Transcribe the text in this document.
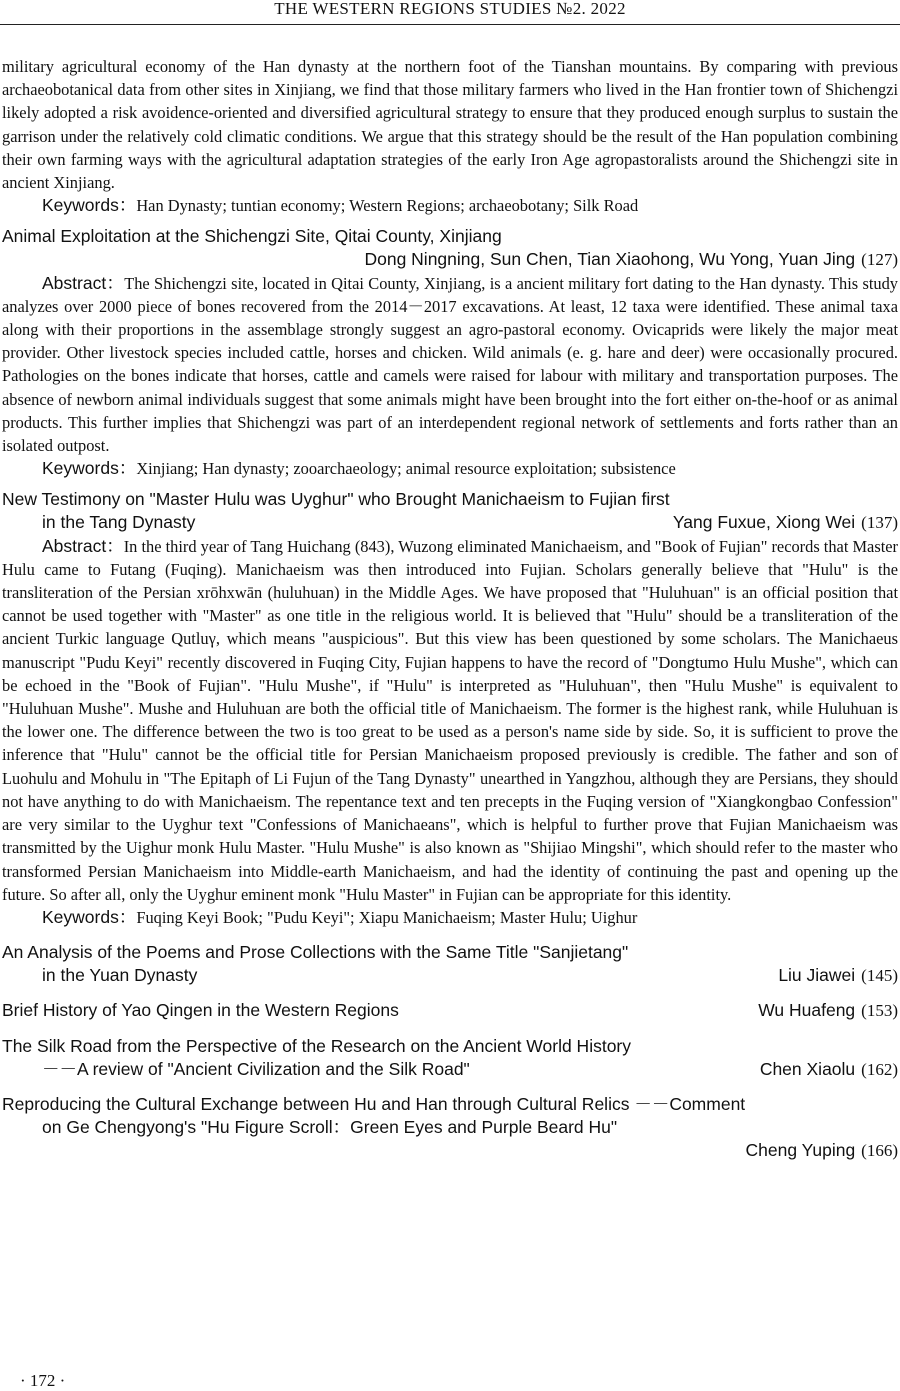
THE WESTERN REGIONS STUDIES №2. 2022

military agricultural economy of the Han dynasty at the northern foot of the Tianshan mountains. By comparing with previous archaeobotanical data from other sites in Xinjiang, we find that those military farmers who lived in the Han frontier town of Shichengzi likely adopted a risk avoidence-oriented and diversified agricultural strategy to ensure that they produced enough surplus to sustain the garrison under the relatively cold climatic conditions. We argue that this strategy should be the result of the Han population combining their own farming ways with the agricultural adaptation strategies of the early Iron Age agropastoralists around the Shichengzi site in ancient Xinjiang.

Keywords：Han Dynasty; tuntian economy; Western Regions; archaeobotany; Silk Road

Animal Exploitation at the Shichengzi Site, Qitai County, Xinjiang

Dong Ningning, Sun Chen, Tian Xiaohong, Wu Yong, Yuan Jing (127)

Abstract：The Shichengzi site, located in Qitai County, Xinjiang, is a ancient military fort dating to the Han dynasty. This study analyzes over 2000 piece of bones recovered from the 2014－2017 excavations. At least, 12 taxa were identified. These animal taxa along with their proportions in the assemblage strongly suggest an agro-pastoral economy. Ovicaprids were likely the major meat provider. Other livestock species included cattle, horses and chicken. Wild animals (e. g. hare and deer) were occasionally procured. Pathologies on the bones indicate that horses, cattle and camels were raised for labour with military and transportation purposes. The absence of newborn animal individuals suggest that some animals might have been brought into the fort either on-the-hoof or as animal products. This further implies that Shichengzi was part of an interdependent regional network of settlements and forts rather than an isolated outpost.

Keywords：Xinjiang; Han dynasty; zooarchaeology; animal resource exploitation; subsistence

New Testimony on "Master Hulu was Uyghur" who Brought Manichaeism to Fujian first

in the Tang Dynasty	Yang Fuxue, Xiong Wei (137)

Abstract：In the third year of Tang Huichang (843), Wuzong eliminated Manichaeism, and "Book of Fujian" records that Master Hulu came to Futang (Fuqing). Manichaeism was then introduced into Fujian. Scholars generally believe that "Hulu" is the transliteration of the Persian xrōhxwān (huluhuan) in the Middle Ages. We have proposed that "Huluhuan" is an official position that cannot be used together with "Master" as one title in the religious world. It is believed that "Hulu" should be a transliteration of the ancient Turkic language Qutluγ, which means "auspicious". But this view has been questioned by some scholars. The Manichaeus manuscript "Pudu Keyi" recently discovered in Fuqing City, Fujian happens to have the record of "Dongtumo Hulu Mushe", which can be echoed in the "Book of Fujian". "Hulu Mushe", if "Hulu" is interpreted as "Huluhuan", then "Hulu Mushe" is equivalent to "Huluhuan Mushe". Mushe and Huluhuan are both the official title of Manichaeism. The former is the highest rank, while Huluhuan is the lower one. The difference between the two is too great to be used as a person's name side by side. So, it is sufficient to prove the inference that "Hulu" cannot be the official title for Persian Manichaeism proposed previously is credible. The father and son of Luohulu and Mohulu in "The Epitaph of Li Fujun of the Tang Dynasty" unearthed in Yangzhou, although they are Persians, they should not have anything to do with Manichaeism. The repentance text and ten precepts in the Fuqing version of "Xiangkongbao Confession" are very similar to the Uyghur text "Confessions of Manichaeans", which is helpful to further prove that Fujian Manichaeism was transmitted by the Uighur monk Hulu Master. "Hulu Mushe" is also known as "Shijiao Mingshi", which should refer to the master who transformed Persian Manichaeism into Middle-earth Manichaeism, and had the identity of continuing the past and opening up the future. So after all, only the Uyghur eminent monk "Hulu Master" in Fujian can be appropriate for this identity.

Keywords：Fuqing Keyi Book; "Pudu Keyi"; Xiapu Manichaeism; Master Hulu; Uighur

An Analysis of the Poems and Prose Collections with the Same Title "Sanjietang"

in the Yuan Dynasty	Liu Jiawei (145)
Brief History of Yao Qingen in the Western Regions	Wu Huafeng (153)

The Silk Road from the Perspective of the Research on the Ancient World History

－－A review of "Ancient Civilization and the Silk Road"	Chen Xiaolu (162)

Reproducing the Cultural Exchange between Hu and Han through Cultural Relics －－Comment

on Ge Chengyong's "Hu Figure Scroll：Green Eyes and Purple Beard Hu"

Cheng Yuping (166)
· 172 ·
